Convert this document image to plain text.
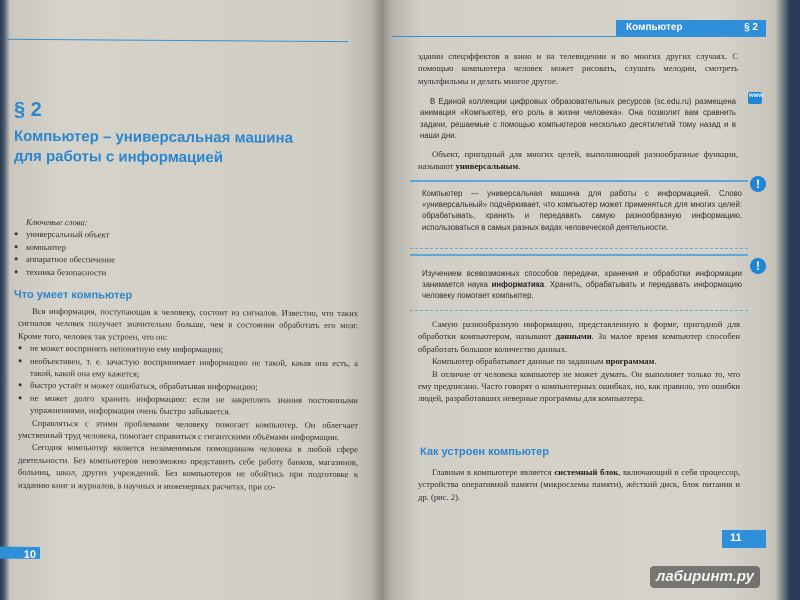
§ 2
Компьютер – универсальная машина
для работы с информацией
Ключевые слова:
● универсальный объект
● компьютер
● аппаратное обеспечение
● техника безопасности
Что умеет компьютер

Вся информация, поступающая к человеку, состоит из сигналов. Известно, что таких сигналов человек получает значительно больше, чем в состоянии обработать его мозг. Кроме того, человек так устроен, что он:

● не может воспринять непонятную ему информацию;
● необъективен, т. е. зачастую воспринимает информацию не такой, какая она есть, а такой, какой она ему кажется;
● быстро устаёт и может ошибаться, обрабатывая информацию;
● не может долго хранить информацию: если не закреплять знания постоянными упражнениями, информация очень быстро забывается.

Справляться с этими проблемами человеку помогает компьютер. Он облегчает умственный труд человека, помогает справиться с гигантскими объёмами информации.

Сегодня компьютер является незаменимым помощником человека в любой сфере деятельности. Без компьютеров невозможно представить себе работу банков, магазинов, больниц, школ, других учреждений. Без компьютеров не обойтись при подготовке к изданию книг и журналов, в научных и инженерных расчетах, при со-

10
Компьютер	§ 2

здании спецэффектов в кино и на телевидении и во многих других случаях. С помощью компьютера человек может рисовать, слушать мелодии, смотреть мультфильмы и делать многое другое.

В Единой коллекции цифровых образовательных ресурсов (sc.edu.ru) размещена анимация «Компьютер, его роль в жизни человека». Она позволит вам сравнить задачи, решаемые с помощью компьютеров несколько десятилетий тому назад и в наши дни.

Объект, пригодный для многих целей, выполняющий разнообразные функции, называют универсальным.

Компьютер — универсальная машина для работы с информацией. Слово «универсальный» подчёркивает, что компьютер может применяться для многих целей: обрабатывать, хранить и передавать самую разнообразную информацию, использоваться в самых разных видах человеческой деятельности.

Изучением всевозможных способов передачи, хранения и обработки информации занимается наука информатика. Хранить, обрабатывать и передавать информацию человеку помогает компьютер.

Самую разнообразную информацию, представленную в форме, пригодной для обработки компьютером, называют данными. За малое время компьютер способен обработать большое количество данных.

Компьютер обрабатывает данные по заданным программам.

В отличие от человека компьютер не может думать. Он выполняет только то, что ему предписано. Часто говорят о компьютерных ошибках, но, как правило, это ошибки людей, разработавших неверные программы для компьютера.

Как устроен компьютер

Главным в компьютере является системный блок, включающий в себя процессор, устройства оперативной памяти (микросхемы памяти), жёсткий диск, блок питания и др. (рис. 2).

11
www
!
!
лабиринт.ру
